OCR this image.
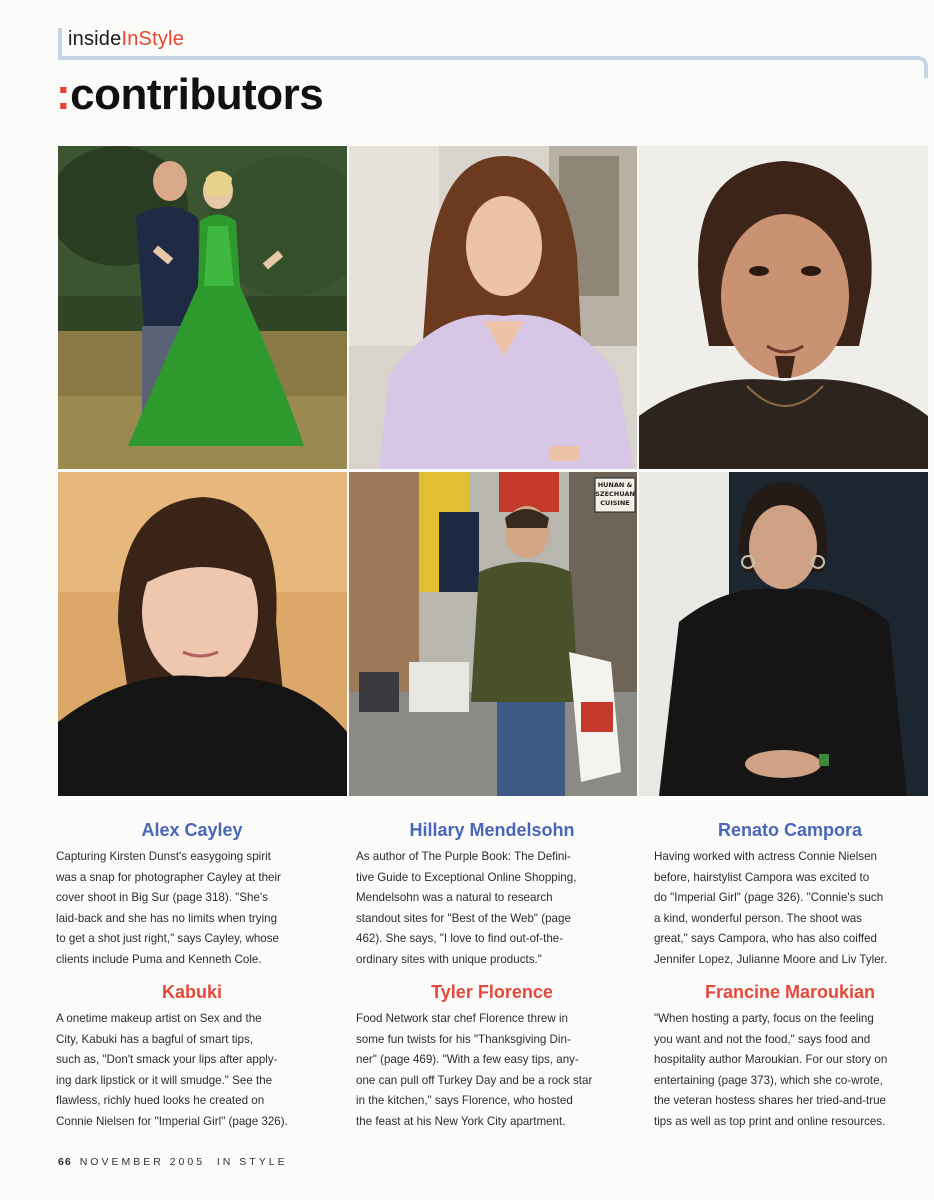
insideInStyle
:contributors
HUNAN &
SZECHUAN
CUISINE

Alex Cayley

Capturing Kirsten Dunst's easygoing spirit
was a snap for photographer Cayley at their
cover shoot in Big Sur (page 318). "She's
laid-back and she has no limits when trying
to get a shot just right," says Cayley, whose
clients include Puma and Kenneth Cole.

Hillary Mendelsohn

As author of The Purple Book: The Defini-
tive Guide to Exceptional Online Shopping,
Mendelsohn was a natural to research
standout sites for "Best of the Web" (page
462). She says, "I love to find out-of-the-
ordinary sites with unique products."

Renato Campora

Having worked with actress Connie Nielsen
before, hairstylist Campora was excited to
do "Imperial Girl" (page 326). "Connie's such
a kind, wonderful person. The shoot was
great," says Campora, who has also coiffed
Jennifer Lopez, Julianne Moore and Liv Tyler.

Kabuki

A onetime makeup artist on Sex and the
City, Kabuki has a bagful of smart tips,
such as, "Don't smack your lips after apply-
ing dark lipstick or it will smudge." See the
flawless, richly hued looks he created on
Connie Nielsen for "Imperial Girl" (page 326).

Tyler Florence

Food Network star chef Florence threw in
some fun twists for his "Thanksgiving Din-
ner" (page 469). "With a few easy tips, any-
one can pull off Turkey Day and be a rock star
in the kitchen," says Florence, who hosted
the feast at his New York City apartment.

Francine Maroukian

"When hosting a party, focus on the feeling
you want and not the food," says food and
hospitality author Maroukian. For our story on
entertaining (page 373), which she co-wrote,
the veteran hostess shares her tried-and-true
tips as well as top print and online resources.

66 NOVEMBER 2005  IN STYLE
